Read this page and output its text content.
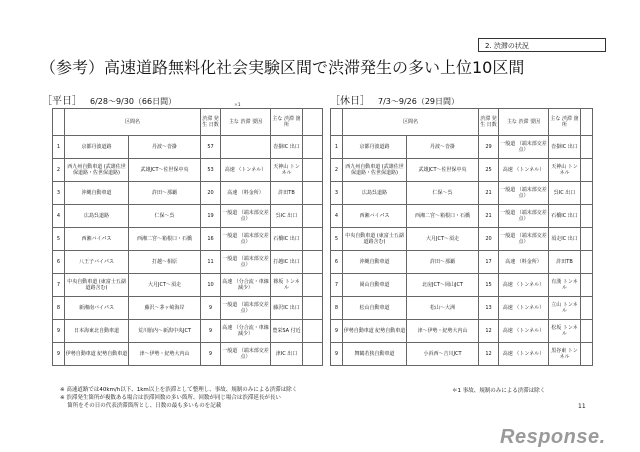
2. 渋滞の状況
（参考）高速道路無料化社会実験区間で渋滞発生の多い上位10区間
［平日］ 6/28～9/30（66日間）	＊1	［休日］ 7/3～9/26（29日間）
	区間名		渋滞 発生 日数	主な 渋滞 要因	主な 渋滞 箇所	
1	京都丹波道路	丹波～沓掛	57		沓掛IC 出口	
2	西九州自動車道 (武雄佐世保道路・佐世保道路)	武雄JCT～佐世保中央	53	高速 （トンネル）	天神山 トンネル	
3	沖縄自動車道	許田～那覇	20	高速 （料金所）	許田TB	
4	広島呉道路	仁保～呉	19	一般道 （端末部交差点）	呉IC 出口	
5	西湘バイパス	西湘二宮～箱根口・石橋	16	一般道 （端末部交差点）	石橋IC 出口	
6	八王子バイパス	打越～相原	11	一般道 （端末部交差点）	打越IC 出口	
7	中央自動車道 (東富士五湖道路含む)	大月JCT～須走	10	高速 （分合流・車線減少）	篠坂 トンネル	
8	新湘南バイパス	藤沢～茅ヶ崎海岸	9	一般道 （端末部交差点）	藤沢IC 出口	
9	日本海東北自動車道	荒川胎内～新潟中央JCT	9	高速 （分合流・車線減少）	豊栄SA 付近	
9	伊勢自動車道 紀勢自動車道	津～伊勢・紀勢大内山	9	一般道 （端末部交差点）	津IC 出口	
	区間名		渋滞 発生 日数	主な 渋滞 要因	主な 渋滞 箇所	
1	京都丹波道路	丹波～沓掛	29	一般道 （端末部交差点）	沓掛IC 出口	
2	西九州自動車道 (武雄佐世保道路・佐世保道路)	武雄JCT～佐世保中央	25	高速 （トンネル）	天神山 トンネル	
3	広島呉道路	仁保～呉	21	一般道 （端末部交差点）	呉IC 出口	
4	西湘バイパス	西湘二宮～箱根口・石橋	21	一般道 （端末部交差点）	石橋IC 出口	
5	中央自動車道 (東富士五湖道路含む)	大月JCT～須走	20	一般道 （端末部交差点）	須走IC 出口	
6	沖縄自動車道	許田～那覇	17	高速 （料金所）	許田TB	
7	岡山自動車道	北房JCT～岡山JCT	15	高速 （トンネル）	有漢 トンネル	
8	松山自動車道	松山～大洲	13	高速 （トンネル）	立山 トンネル	
9	伊勢自動車道 紀勢自動車道	津～伊勢・紀勢大内山	12	高速 （トンネル）	松坂 トンネル	
9	舞鶴若狭自動車道	小浜西～吉川JCT	12	高速 （トンネル）	黒谷東 トンネル	
※ 高速道路では40km/h以下、1km以上を渋滞として整理し、事故、規制のみによる渋滞は除く
※ 渋滞発生箇所が複数ある場合は渋滞回数の多い箇所、回数が同じ場合は渋滞延長が長い
　 箇所をその日の代表渋滞箇所とし、日数の最も多いものを記載
＊1 事故、規制のみによる渋滞は除く
11
Response.
